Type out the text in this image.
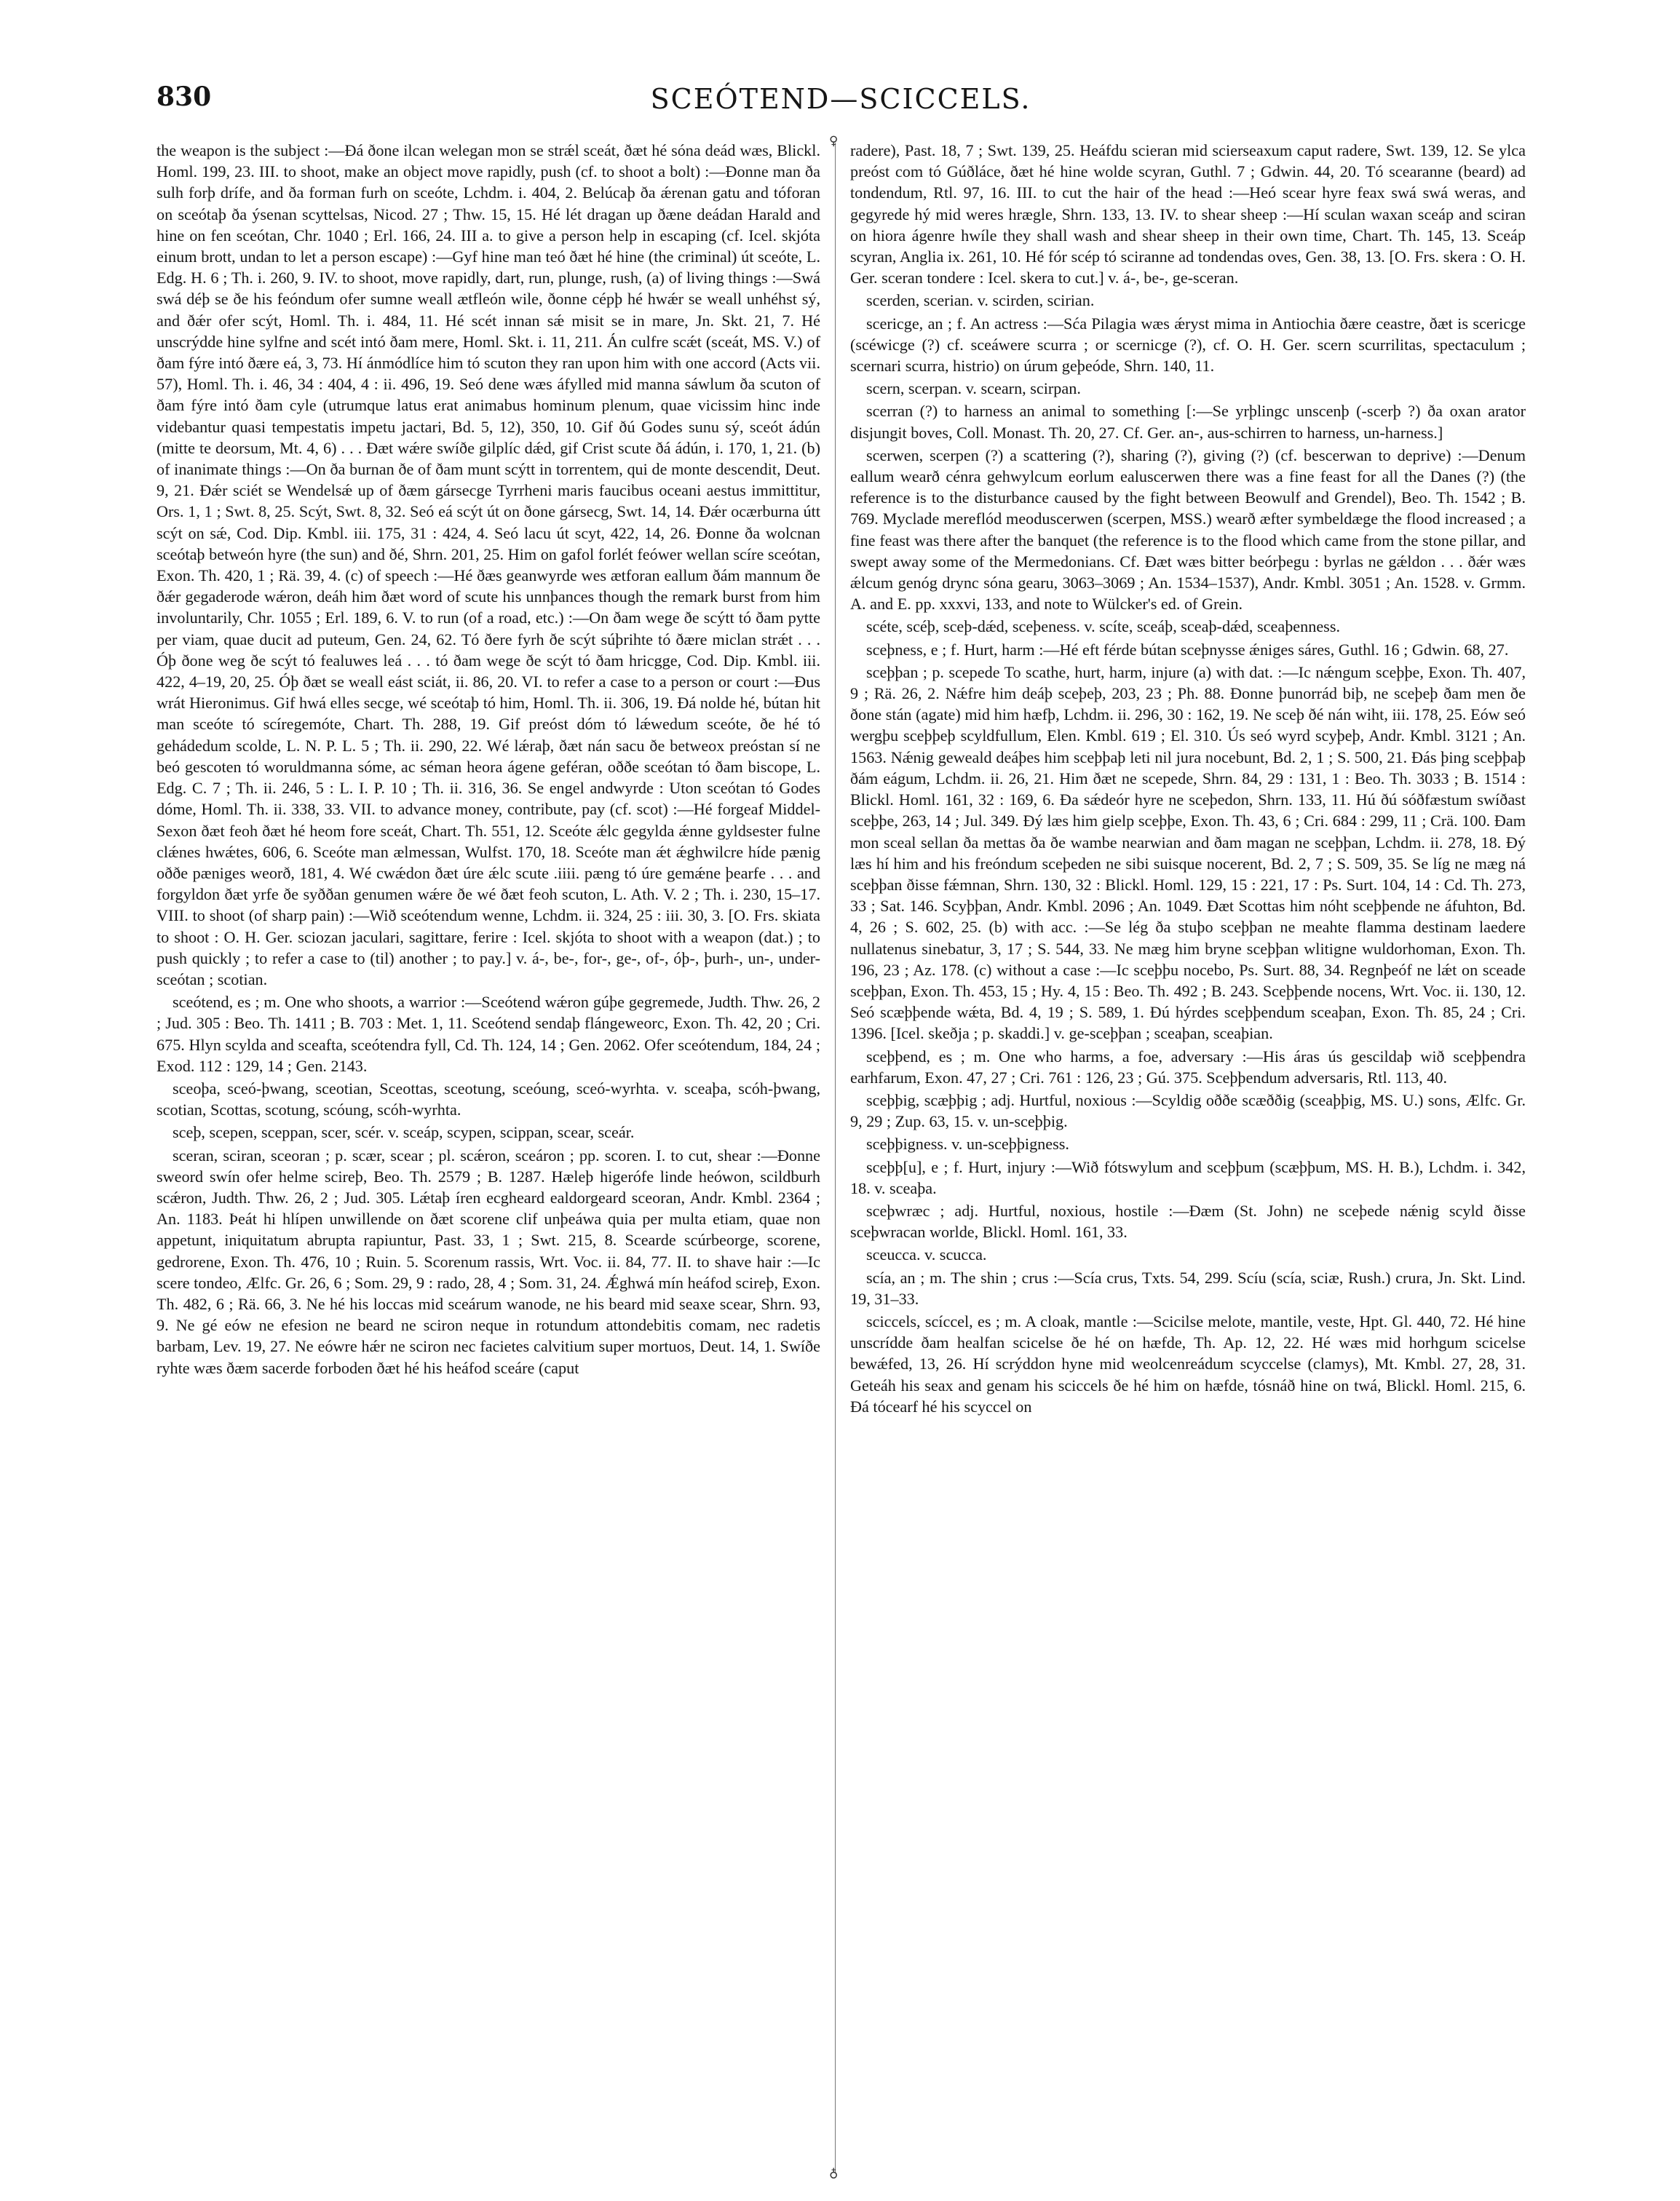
830	SCEÓTEND—SCICCELS.

the weapon is the subject :—Ðá ðone ilcan welegan mon se strǽl sceát, ðæt hé sóna deád wæs, Blickl. Homl. 199, 23. III. to shoot, make an object move rapidly, push (cf. to shoot a bolt) :—Ðonne man ða sulh forþ drífe, and ða forman furh on sceóte, Lchdm. i. 404, 2. Belúcaþ ða ǽrenan gatu and tóforan on sceótaþ ða ýsenan scyttelsas, Nicod. 27 ; Thw. 15, 15. Hé lét dragan up ðæne deádan Harald and hine on fen sceótan, Chr. 1040 ; Erl. 166, 24. III a. to give a person help in escaping (cf. Icel. skjóta einum brott, undan to let a person escape) :—Gyf hine man teó ðæt hé hine (the criminal) út sceóte, L. Edg. H. 6 ; Th. i. 260, 9. IV. to shoot, move rapidly, dart, run, plunge, rush, (a) of living things :—Swá swá déþ se ðe his feóndum ofer sumne weall ætfleón wile, ðonne cépþ hé hwǽr se weall unhéhst sý, and ðǽr ofer scýt, Homl. Th. i. 484, 11. Hé scét innan sǽ misit se in mare, Jn. Skt. 21, 7. Hé unscrýdde hine sylfne and scét intó ðam mere, Homl. Skt. i. 11, 211. Án culfre scǽt (sceát, MS. V.) of ðam fýre intó ðære eá, 3, 73. Hí ánmódlíce him tó scuton they ran upon him with one accord (Acts vii. 57), Homl. Th. i. 46, 34 : 404, 4 : ii. 496, 19. Seó dene wæs áfylled mid manna sáwlum ða scuton of ðam fýre intó ðam cyle (utrumque latus erat animabus hominum plenum, quae vicissim hinc inde videbantur quasi tempestatis impetu jactari, Bd. 5, 12), 350, 10. Gif ðú Godes sunu sý, sceót ádún (mitte te deorsum, Mt. 4, 6) . . . Ðæt wǽre swíðe gilplíc dǽd, gif Crist scute ðá ádún, i. 170, 1, 21. (b) of inanimate things :—On ða burnan ðe of ðam munt scýtt in torrentem, qui de monte descendit, Deut. 9, 21. Ðǽr sciét se Wendelsǽ up of ðæm gársecge Tyrrheni maris faucibus oceani aestus immittitur, Ors. 1, 1 ; Swt. 8, 25. Scýt, Swt. 8, 32. Seó eá scýt út on ðone gársecg, Swt. 14, 14. Ðǽr ocærburna útt scýt on sǽ, Cod. Dip. Kmbl. iii. 175, 31 : 424, 4. Seó lacu út scyt, 422, 14, 26. Ðonne ða wolcnan sceótaþ betweón hyre (the sun) and ðé, Shrn. 201, 25. Him on gafol forlét feówer wellan scíre sceótan, Exon. Th. 420, 1 ; Rä. 39, 4. (c) of speech :—Hé ðæs geanwyrde wes ætforan eallum ðám mannum ðe ðǽr gegaderode wǽron, deáh him ðæt word of scute his unnþances though the remark burst from him involuntarily, Chr. 1055 ; Erl. 189, 6. V. to run (of a road, etc.) :—On ðam wege ðe scýtt tó ðam pytte per viam, quae ducit ad puteum, Gen. 24, 62. Tó ðere fyrh ðe scýt súþrihte tó ðære miclan strǽt . . . Óþ ðone weg ðe scýt tó fealuwes leá . . . tó ðam wege ðe scýt tó ðam hricgge, Cod. Dip. Kmbl. iii. 422, 4–19, 20, 25. Óþ ðæt se weall eást sciát, ii. 86, 20. VI. to refer a case to a person or court :—Ðus wrát Hieronimus. Gif hwá elles secge, wé sceótaþ tó him, Homl. Th. ii. 306, 19. Ðá nolde hé, bútan hit man sceóte tó scíregemóte, Chart. Th. 288, 19. Gif preóst dóm tó lǽwedum sceóte, ðe hé tó gehádedum scolde, L. N. P. L. 5 ; Th. ii. 290, 22. Wé lǽraþ, ðæt nán sacu ðe betweox preóstan sí ne beó gescoten tó woruldmanna sóme, ac séman heora ágene geféran, oððe sceótan tó ðam biscope, L. Edg. C. 7 ; Th. ii. 246, 5 : L. I. P. 10 ; Th. ii. 316, 36. Se engel andwyrde : Uton sceótan tó Godes dóme, Homl. Th. ii. 338, 33. VII. to advance money, contribute, pay (cf. scot) :—Hé forgeaf Middel-Sexon ðæt feoh ðæt hé heom fore sceát, Chart. Th. 551, 12. Sceóte ǽlc gegylda ǽnne gyldsester fulne clǽnes hwǽtes, 606, 6. Sceóte man ælmessan, Wulfst. 170, 18. Sceóte man ǽt ǽghwilcre híde pænig oððe pæniges weorð, 181, 4. Wé cwǽdon ðæt úre ǽlc scute .iiii. pæng tó úre gemǽne þearfe . . . and forgyldon ðæt yrfe ðe syððan genumen wǽre ðe wé ðæt feoh scuton, L. Ath. V. 2 ; Th. i. 230, 15–17. VIII. to shoot (of sharp pain) :—Wið sceótendum wenne, Lchdm. ii. 324, 25 : iii. 30, 3. [O. Frs. skiata to shoot : O. H. Ger. sciozan jaculari, sagittare, ferire : Icel. skjóta to shoot with a weapon (dat.) ; to push quickly ; to refer a case to (til) another ; to pay.] v. á-, be-, for-, ge-, of-, óþ-, þurh-, un-, under-sceótan ; scotian.

sceótend, es ; m. One who shoots, a warrior :—Sceótend wǽron gúþe gegremede, Judth. Thw. 26, 2 ; Jud. 305 : Beo. Th. 1411 ; B. 703 : Met. 1, 11. Sceótend sendaþ flángeweorc, Exon. Th. 42, 20 ; Cri. 675. Hlyn scylda and sceafta, sceótendra fyll, Cd. Th. 124, 14 ; Gen. 2062. Ofer sceótendum, 184, 24 ; Exod. 112 : 129, 14 ; Gen. 2143.

sceoþa, sceó-þwang, sceotian, Sceottas, sceotung, sceóung, sceó-wyrhta. v. sceaþa, scóh-þwang, scotian, Scottas, scotung, scóung, scóh-wyrhta.

sceþ, scepen, sceppan, scer, scér. v. sceáp, scypen, scippan, scear, sceár.

sceran, sciran, sceoran ; p. scær, scear ; pl. scǽron, sceáron ; pp. scoren. I. to cut, shear :—Ðonne sweord swín ofer helme scireþ, Beo. Th. 2579 ; B. 1287. Hæleþ higerófe linde heówon, scildburh scǽron, Judth. Thw. 26, 2 ; Jud. 305. Lǽtaþ íren ecgheard ealdorgeard sceoran, Andr. Kmbl. 2364 ; An. 1183. Þeát hi hlípen unwillende on ðæt scorene clif unþeáwa quia per multa etiam, quae non appetunt, iniquitatum abrupta rapiuntur, Past. 33, 1 ; Swt. 215, 8. Scearde scúrbeorge, scorene, gedrorene, Exon. Th. 476, 10 ; Ruin. 5. Scorenum rassis, Wrt. Voc. ii. 84, 77. II. to shave hair :—Ic scere tondeo, Ælfc. Gr. 26, 6 ; Som. 29, 9 : rado, 28, 4 ; Som. 31, 24. Ǽghwá mín heáfod scireþ, Exon. Th. 482, 6 ; Rä. 66, 3. Ne hé his loccas mid sceárum wanode, ne his beard mid seaxe scear, Shrn. 93, 9. Ne gé eów ne efesion ne beard ne sciron neque in rotundum attondebitis comam, nec radetis barbam, Lev. 19, 27. Ne eówre hǽr ne sciron nec facietes calvitium super mortuos, Deut. 14, 1. Swíðe ryhte wæs ðæm sacerde forboden ðæt hé his heáfod sceáre (caput

♀
♁

radere), Past. 18, 7 ; Swt. 139, 25. Heáfdu scieran mid scierseaxum caput radere, Swt. 139, 12. Se ylca preóst com tó Gúðláce, ðæt hé hine wolde scyran, Guthl. 7 ; Gdwin. 44, 20. Tó scearanne (beard) ad tondendum, Rtl. 97, 16. III. to cut the hair of the head :—Heó scear hyre feax swá swá weras, and gegyrede hý mid weres hrægle, Shrn. 133, 13. IV. to shear sheep :—Hí sculan waxan sceáp and sciran on hiora ágenre hwíle they shall wash and shear sheep in their own time, Chart. Th. 145, 13. Sceáp scyran, Anglia ix. 261, 10. Hé fór scép tó sciranne ad tondendas oves, Gen. 38, 13. [O. Frs. skera : O. H. Ger. sceran tondere : Icel. skera to cut.] v. á-, be-, ge-sceran.

scerden, scerian. v. scirden, scirian.

scericge, an ; f. An actress :—Sća Pilagia wæs ǽryst mima in Antiochia ðære ceastre, ðæt is scericge (scéwicge (?) cf. sceáwere scurra ; or scernicge (?), cf. O. H. Ger. scern scurrilitas, spectaculum ; scernari scurra, histrio) on úrum geþeóde, Shrn. 140, 11.

scern, scerpan. v. scearn, scirpan.

scerran (?) to harness an animal to something [:—Se yrþlingc unscenþ (-scerþ ?) ða oxan arator disjungit boves, Coll. Monast. Th. 20, 27. Cf. Ger. an-, aus-schirren to harness, un-harness.]

scerwen, scerpen (?) a scattering (?), sharing (?), giving (?) (cf. bescerwan to deprive) :—Denum eallum wearð cénra gehwylcum eorlum ealuscerwen there was a fine feast for all the Danes (?) (the reference is to the disturbance caused by the fight between Beowulf and Grendel), Beo. Th. 1542 ; B. 769. Myclade mereflód meoduscerwen (scerpen, MSS.) wearð æfter symbeldæge the flood increased ; a fine feast was there after the banquet (the reference is to the flood which came from the stone pillar, and swept away some of the Mermedonians. Cf. Ðæt wæs bitter beórþegu : byrlas ne gǽldon . . . ðǽr wæs ǽlcum genóg drync sóna gearu, 3063–3069 ; An. 1534–1537), Andr. Kmbl. 3051 ; An. 1528. v. Grmm. A. and E. pp. xxxvi, 133, and note to Wülcker's ed. of Grein.

scéte, scéþ, sceþ-dǽd, sceþeness. v. scíte, sceáþ, sceaþ-dǽd, sceaþenness.

sceþness, e ; f. Hurt, harm :—Hé eft férde bútan sceþnysse ǽniges sáres, Guthl. 16 ; Gdwin. 68, 27.

sceþþan ; p. scepede To scathe, hurt, harm, injure (a) with dat. :—Ic nǽngum sceþþe, Exon. Th. 407, 9 ; Rä. 26, 2. Nǽfre him deáþ sceþeþ, 203, 23 ; Ph. 88. Ðonne þunorrád biþ, ne sceþeþ ðam men ðe ðone stán (agate) mid him hæfþ, Lchdm. ii. 296, 30 : 162, 19. Ne sceþ ðé nán wiht, iii. 178, 25. Eów seó wergþu sceþþeþ scyldfullum, Elen. Kmbl. 619 ; El. 310. Ús seó wyrd scyþeþ, Andr. Kmbl. 3121 ; An. 1563. Nǽnig geweald deáþes him sceþþaþ leti nil jura nocebunt, Bd. 2, 1 ; S. 500, 21. Ðás þing sceþþaþ ðám eágum, Lchdm. ii. 26, 21. Him ðæt ne scepede, Shrn. 84, 29 : 131, 1 : Beo. Th. 3033 ; B. 1514 : Blickl. Homl. 161, 32 : 169, 6. Ða sǽdeór hyre ne sceþedon, Shrn. 133, 11. Hú ðú sóðfæstum swíðast sceþþe, 263, 14 ; Jul. 349. Ðý læs him gielp sceþþe, Exon. Th. 43, 6 ; Cri. 684 : 299, 11 ; Crä. 100. Ðam mon sceal sellan ða mettas ða ðe wambe nearwian and ðam magan ne sceþþan, Lchdm. ii. 278, 18. Ðý læs hí him and his freóndum sceþeden ne sibi suisque nocerent, Bd. 2, 7 ; S. 509, 35. Se líg ne mæg ná sceþþan ðisse fǽmnan, Shrn. 130, 32 : Blickl. Homl. 129, 15 : 221, 17 : Ps. Surt. 104, 14 : Cd. Th. 273, 33 ; Sat. 146. Scyþþan, Andr. Kmbl. 2096 ; An. 1049. Ðæt Scottas him nóht sceþþende ne áfuhton, Bd. 4, 26 ; S. 602, 25. (b) with acc. :—Se lég ða stuþo sceþþan ne meahte flamma destinam laedere nullatenus sinebatur, 3, 17 ; S. 544, 33. Ne mæg him bryne sceþþan wlitigne wuldorhoman, Exon. Th. 196, 23 ; Az. 178. (c) without a case :—Ic sceþþu nocebo, Ps. Surt. 88, 34. Regnþeóf ne lǽt on sceade sceþþan, Exon. Th. 453, 15 ; Hy. 4, 15 : Beo. Th. 492 ; B. 243. Sceþþende nocens, Wrt. Voc. ii. 130, 12. Seó scæþþende wǽta, Bd. 4, 19 ; S. 589, 1. Ðú hýrdes sceþþendum sceaþan, Exon. Th. 85, 24 ; Cri. 1396. [Icel. skeðja ; p. skaddi.] v. ge-sceþþan ; sceaþan, sceaþian.

sceþþend, es ; m. One who harms, a foe, adversary :—His áras ús gescildaþ wið sceþþendra earhfarum, Exon. 47, 27 ; Cri. 761 : 126, 23 ; Gú. 375. Sceþþendum adversaris, Rtl. 113, 40.

sceþþig, scæþþig ; adj. Hurtful, noxious :—Scyldig oððe scæððig (sceaþþig, MS. U.) sons, Ælfc. Gr. 9, 29 ; Zup. 63, 15. v. un-sceþþig.

sceþþigness. v. un-sceþþigness.

sceþþ[u], e ; f. Hurt, injury :—Wið fótswylum and sceþþum (scæþþum, MS. H. B.), Lchdm. i. 342, 18. v. sceaþa.

sceþwræc ; adj. Hurtful, noxious, hostile :—Ðæm (St. John) ne sceþede nǽnig scyld ðisse sceþwracan worlde, Blickl. Homl. 161, 33.

sceucca. v. scucca.

scía, an ; m. The shin ; crus :—Scía crus, Txts. 54, 299. Scíu (scía, sciæ, Rush.) crura, Jn. Skt. Lind. 19, 31–33.

sciccels, scíccel, es ; m. A cloak, mantle :—Scicilse melote, mantile, veste, Hpt. Gl. 440, 72. Hé hine unscrídde ðam healfan scicelse ðe hé on hæfde, Th. Ap. 12, 22. Hé wæs mid horhgum scicelse bewǽfed, 13, 26. Hí scrýddon hyne mid weolcenreádum scyccelse (clamys), Mt. Kmbl. 27, 28, 31. Geteáh his seax and genam his sciccels ðe hé him on hæfde, tósnáð hine on twá, Blickl. Homl. 215, 6. Ðá tócearf hé his scyccel on
